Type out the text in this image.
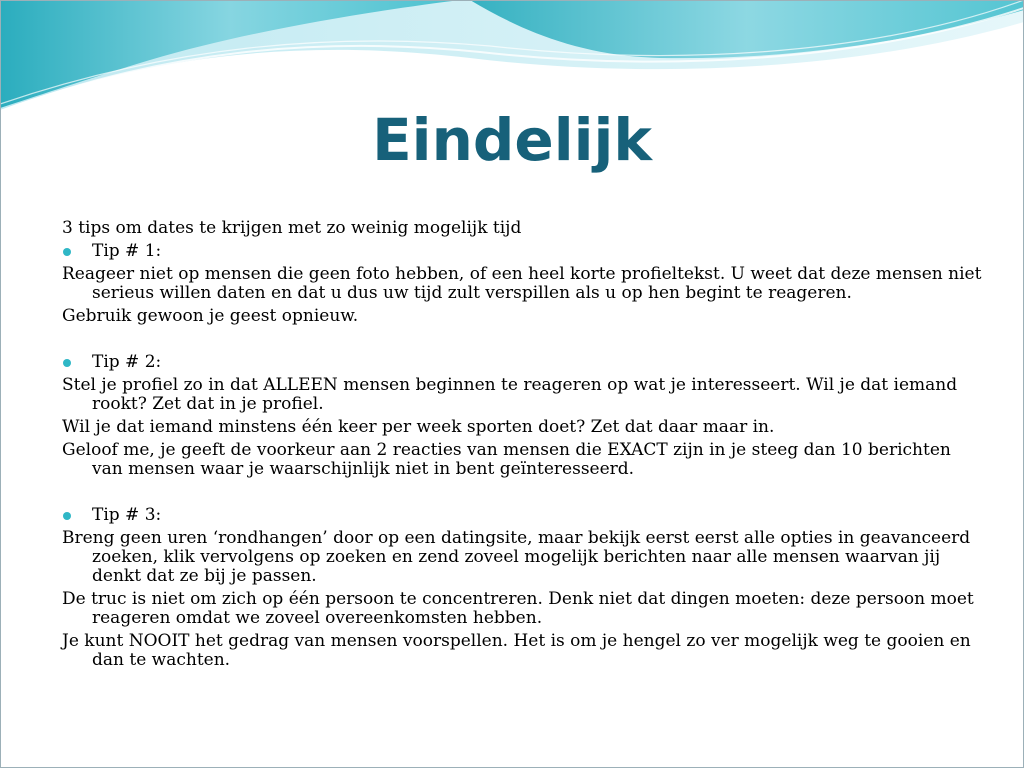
Eindelijk

3 tips om dates te krijgen met zo weinig mogelijk tijd

Tip # 1:

Reageer niet op mensen die geen foto hebben, of een heel korte profieltekst. U weet dat deze mensen niet serieus willen daten en dat u dus uw tijd zult verspillen als u op hen begint te reageren.

Gebruik gewoon je geest opnieuw.

Tip # 2:

Stel je profiel zo in dat ALLEEN mensen beginnen te reageren op wat je interesseert. Wil je dat iemand rookt? Zet dat in je profiel.

Wil je dat iemand minstens één keer per week sporten doet? Zet dat daar maar in.

Geloof me, je geeft de voorkeur aan 2 reacties van mensen die EXACT zijn in je steeg dan 10 berichten van mensen waar je waarschijnlijk niet in bent geïnteresseerd.

Tip # 3:

Breng geen uren ‘rondhangen’ door op een datingsite, maar bekijk eerst eerst alle opties in geavanceerd zoeken, klik vervolgens op zoeken en zend zoveel mogelijk berichten naar alle mensen waarvan jij denkt dat ze bij je passen.

De truc is niet om zich op één persoon te concentreren. Denk niet dat dingen moeten: deze persoon moet reageren omdat we zoveel overeenkomsten hebben.

Je kunt NOOIT het gedrag van mensen voorspellen. Het is om je hengel zo ver mogelijk weg te gooien en dan te wachten.
